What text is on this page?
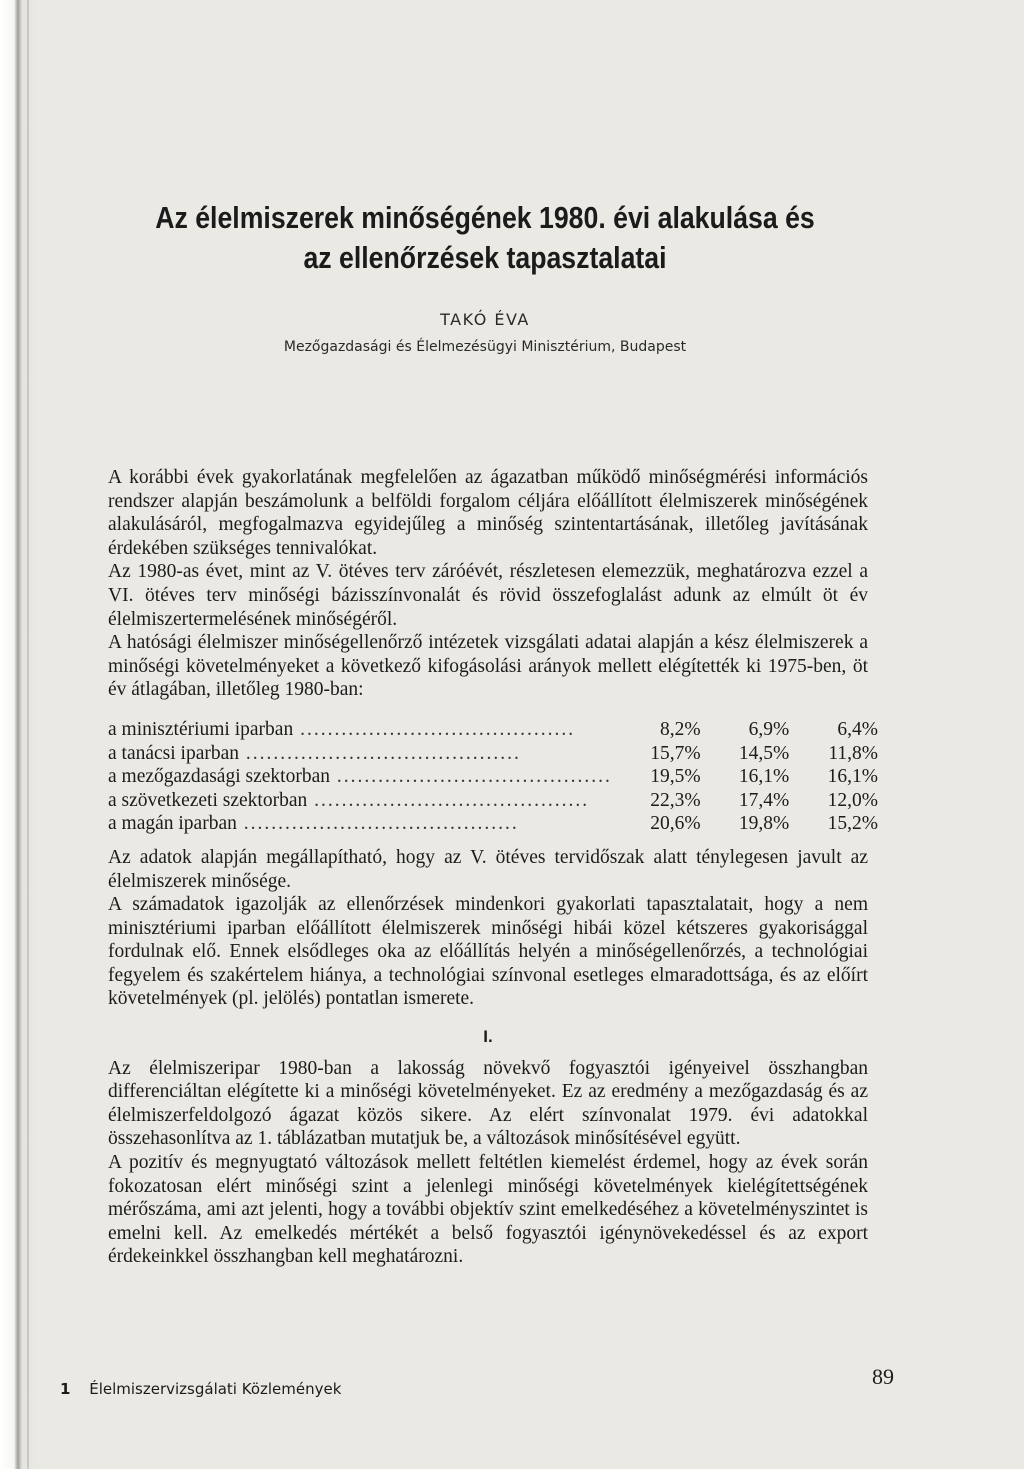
Az élelmiszerek minőségének 1980. évi alakulása és
az ellenőrzések tapasztalatai
TAKÓ ÉVA
Mezőgazdasági és Élelmezésügyi Minisztérium, Budapest

A korábbi évek gyakorlatának megfelelően az ágazatban működő minőségmérési információs rendszer alapján beszámolunk a belföldi forgalom céljára előállított élelmiszerek minőségének alakulásáról, megfogalmazva egyidejűleg a minőség szintentartásának, illetőleg javításának érdekében szükséges tennivalókat.

Az 1980-as évet, mint az V. ötéves terv záróévét, részletesen elemezzük, meghatározva ezzel a VI. ötéves terv minőségi bázisszínvonalát és rövid összefoglalást adunk az elmúlt öt év élelmiszertermelésének minőségéről.

A hatósági élelmiszer minőségellenőrző intézetek vizsgálati adatai alapján a kész élelmiszerek a minőségi követelményeket a következő kifogásolási arányok mellett elégítették ki 1975-ben, öt év átlagában, illetőleg 1980-ban:

a minisztériumi iparban ........................................	8,2%	6,9%	6,4%
a tanácsi iparban ........................................	15,7%	14,5%	11,8%
a mezőgazdasági szektorban ........................................	19,5%	16,1%	16,1%
a szövetkezeti szektorban ........................................	22,3%	17,4%	12,0%
a magán iparban ........................................	20,6%	19,8%	15,2%

Az adatok alapján megállapítható, hogy az V. ötéves tervidőszak alatt ténylegesen javult az élelmiszerek minősége.

A számadatok igazolják az ellenőrzések mindenkori gyakorlati tapasztalatait, hogy a nem minisztériumi iparban előállított élelmiszerek minőségi hibái közel kétszeres gyakorisággal fordulnak elő. Ennek elsődleges oka az előállítás helyén a minőségellenőrzés, a technológiai fegyelem és szakértelem hiánya, a technológiai színvonal esetleges elmaradottsága, és az előírt követelmények (pl. jelölés) pontatlan ismerete.

I.

Az élelmiszeripar 1980-ban a lakosság növekvő fogyasztói igényeivel összhangban differenciáltan elégítette ki a minőségi követelményeket. Ez az eredmény a mezőgazdaság és az élelmiszerfeldolgozó ágazat közös sikere. Az elért színvonalat 1979. évi adatokkal összehasonlítva az 1. táblázatban mutatjuk be, a változások minősítésével együtt.

A pozitív és megnyugtató változások mellett feltétlen kiemelést érdemel, hogy az évek során fokozatosan elért minőségi szint a jelenlegi minőségi követelmények kielégítettségének mérőszáma, ami azt jelenti, hogy a további objektív szint emelkedéséhez a követelményszintet is emelni kell. Az emelkedés mértékét a belső fogyasztói igénynövekedéssel és az export érdekeinkkel összhangban kell meghatározni.

1 Élelmiszervizsgálati Közlemények	89
